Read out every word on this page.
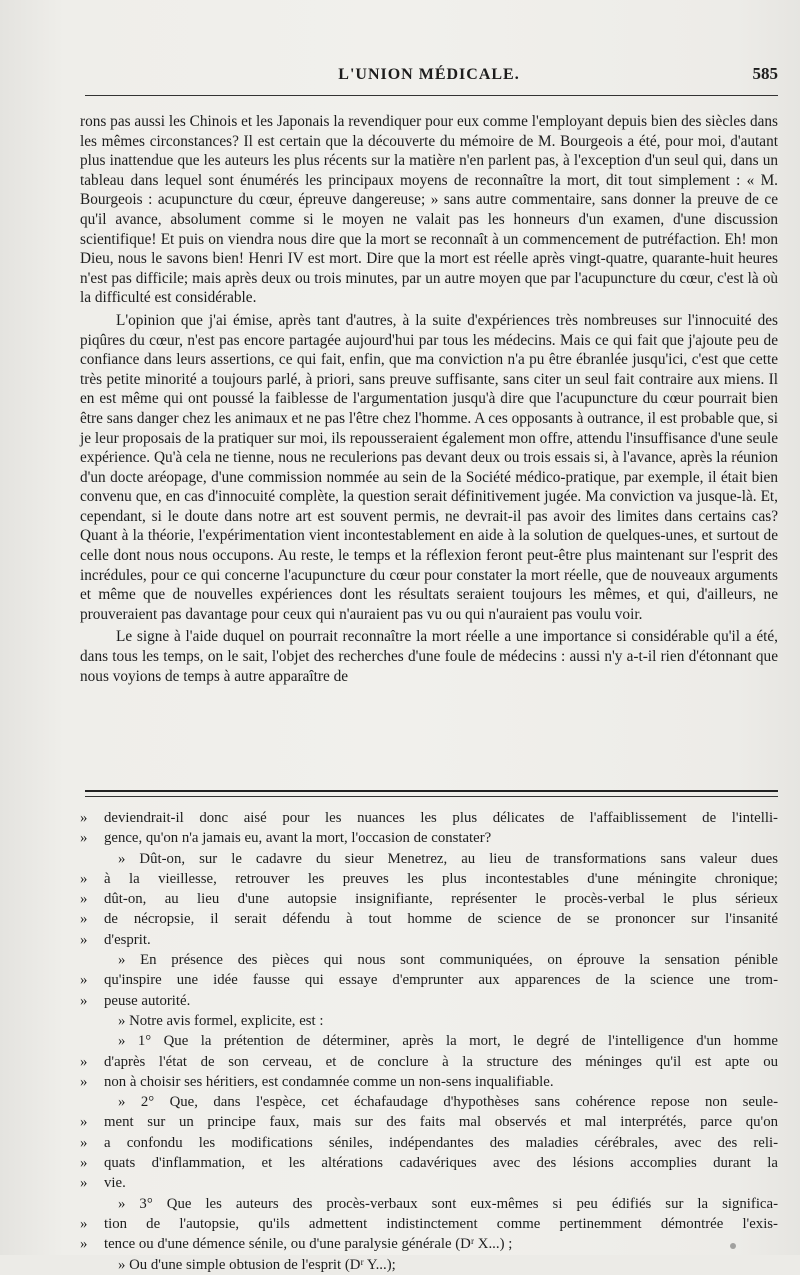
L'UNION MÉDICALE.	585

rons pas aussi les Chinois et les Japonais la revendiquer pour eux comme l'employant depuis bien des siècles dans les mêmes circonstances? Il est certain que la découverte du mémoire de M. Bourgeois a été, pour moi, d'autant plus inattendue que les auteurs les plus récents sur la matière n'en parlent pas, à l'exception d'un seul qui, dans un tableau dans lequel sont énumérés les principaux moyens de reconnaître la mort, dit tout simplement : « M. Bourgeois : acupuncture du cœur, épreuve dangereuse; » sans autre commentaire, sans donner la preuve de ce qu'il avance, absolument comme si le moyen ne valait pas les honneurs d'un examen, d'une discussion scientifique! Et puis on viendra nous dire que la mort se reconnaît à un commencement de putréfaction. Eh! mon Dieu, nous le savons bien! Henri IV est mort. Dire que la mort est réelle après vingt-quatre, quarante-huit heures n'est pas difficile; mais après deux ou trois minutes, par un autre moyen que par l'acupuncture du cœur, c'est là où la difficulté est considérable.

L'opinion que j'ai émise, après tant d'autres, à la suite d'expériences très nombreuses sur l'innocuité des piqûres du cœur, n'est pas encore partagée aujourd'hui par tous les médecins. Mais ce qui fait que j'ajoute peu de confiance dans leurs assertions, ce qui fait, enfin, que ma conviction n'a pu être ébranlée jusqu'ici, c'est que cette très petite minorité a toujours parlé, à priori, sans preuve suffisante, sans citer un seul fait contraire aux miens. Il en est même qui ont poussé la faiblesse de l'argumentation jusqu'à dire que l'acupuncture du cœur pourrait bien être sans danger chez les animaux et ne pas l'être chez l'homme. A ces opposants à outrance, il est probable que, si je leur proposais de la pratiquer sur moi, ils repousseraient également mon offre, attendu l'insuffisance d'une seule expérience. Qu'à cela ne tienne, nous ne reculerions pas devant deux ou trois essais si, à l'avance, après la réunion d'un docte aréopage, d'une commission nommée au sein de la Société médico-pratique, par exemple, il était bien convenu que, en cas d'innocuité complète, la question serait définitivement jugée. Ma conviction va jusque-là. Et, cependant, si le doute dans notre art est souvent permis, ne devrait-il pas avoir des limites dans certains cas? Quant à la théorie, l'expérimentation vient incontestablement en aide à la solution de quelques-unes, et surtout de celle dont nous nous occupons. Au reste, le temps et la réflexion feront peut-être plus maintenant sur l'esprit des incrédules, pour ce qui concerne l'acupuncture du cœur pour constater la mort réelle, que de nouveaux arguments et même que de nouvelles expériences dont les résultats seraient toujours les mêmes, et qui, d'ailleurs, ne prouveraient pas davantage pour ceux qui n'auraient pas vu ou qui n'auraient pas voulu voir.

Le signe à l'aide duquel on pourrait reconnaître la mort réelle a une importance si considérable qu'il a été, dans tous les temps, on le sait, l'objet des recherches d'une foule de médecins : aussi n'y a-t-il rien d'étonnant que nous voyions de temps à autre apparaître de

»	deviendrait-il donc aisé pour les nuances les plus délicates de l'affaiblissement de l'intelli-
»	gence, qu'on n'a jamais eu, avant la mort, l'occasion de constater?
» Dût-on, sur le cadavre du sieur Menetrez, au lieu de transformations sans valeur dues
»	à la vieillesse, retrouver les preuves les plus incontestables d'une méningite chronique;
»	dût-on, au lieu d'une autopsie insignifiante, représenter le procès-verbal le plus sérieux
»	de nécropsie, il serait défendu à tout homme de science de se prononcer sur l'insanité
»	d'esprit.
» En présence des pièces qui nous sont communiquées, on éprouve la sensation pénible
»	qu'inspire une idée fausse qui essaye d'emprunter aux apparences de la science une trom-
»	peuse autorité.
» Notre avis formel, explicite, est :
» 1° Que la prétention de déterminer, après la mort, le degré de l'intelligence d'un homme
»	d'après l'état de son cerveau, et de conclure à la structure des méninges qu'il est apte ou
»	non à choisir ses héritiers, est condamnée comme un non-sens inqualifiable.
» 2° Que, dans l'espèce, cet échafaudage d'hypothèses sans cohérence repose non seule-
»	ment sur un principe faux, mais sur des faits mal observés et mal interprétés, parce qu'on
»	a confondu les modifications séniles, indépendantes des maladies cérébrales, avec des reli-
»	quats d'inflammation, et les altérations cadavériques avec des lésions accomplies durant la
»	vie.
» 3° Que les auteurs des procès-verbaux sont eux-mêmes si peu édifiés sur la significa-
»	tion de l'autopsie, qu'ils admettent indistinctement comme pertinemment démontrée l'exis-
»	tence ou d'une démence sénile, ou d'une paralysie générale (Dʳ X...) ;
» Ou d'une simple obtusion de l'esprit (Dʳ Y...);
